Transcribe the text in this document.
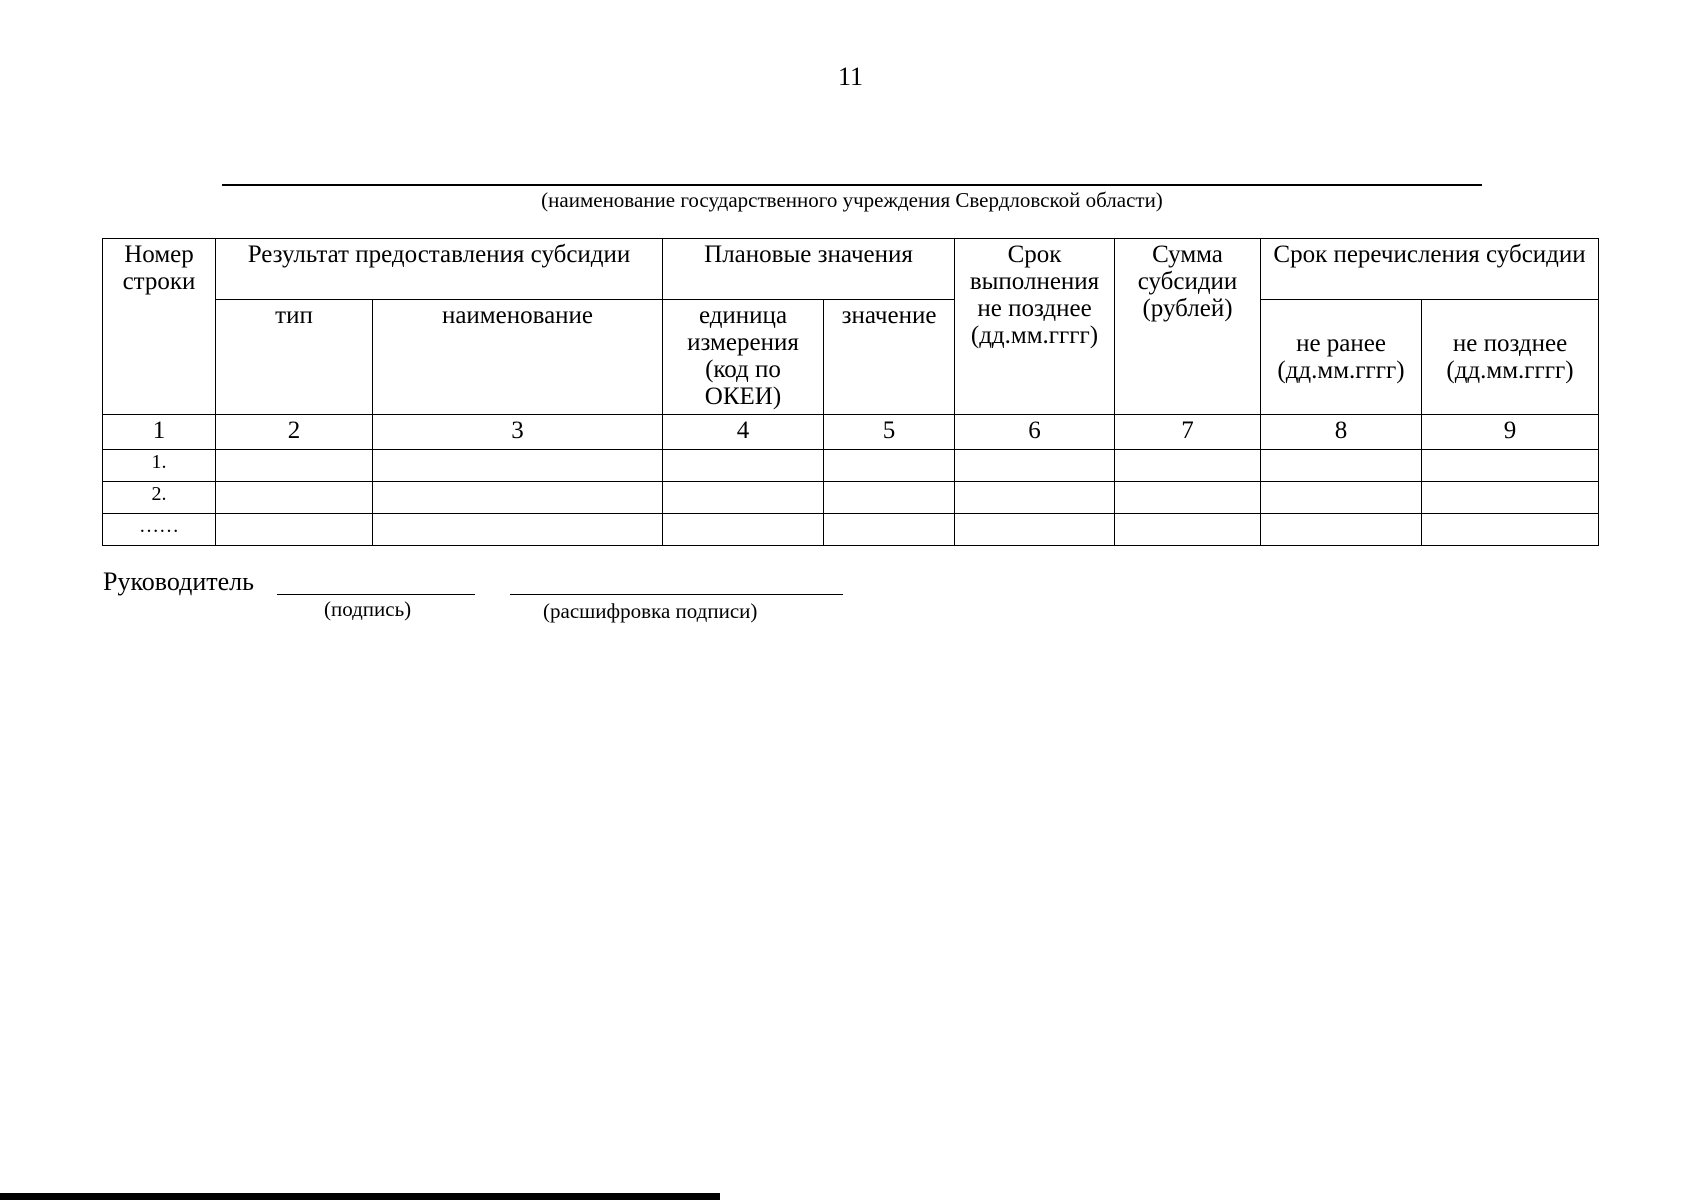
11
(наименование государственного учреждения Свердловской области)
Номер строки	Результат предоставления субсидии		Плановые значения		Срок выполнения не позднее (дд.мм.гггг)	Сумма субсидии (рублей)	Срок перечисления субсидии	
	тип	наименование	единица измерения (код по ОКЕИ)	значение			не ранее (дд.мм.гггг)	не позднее (дд.мм.гггг)
1	2	3	4	5	6	7	8	9
1.								
2.								
……								
Руководитель
(подпись)	(расшифровка подписи)
